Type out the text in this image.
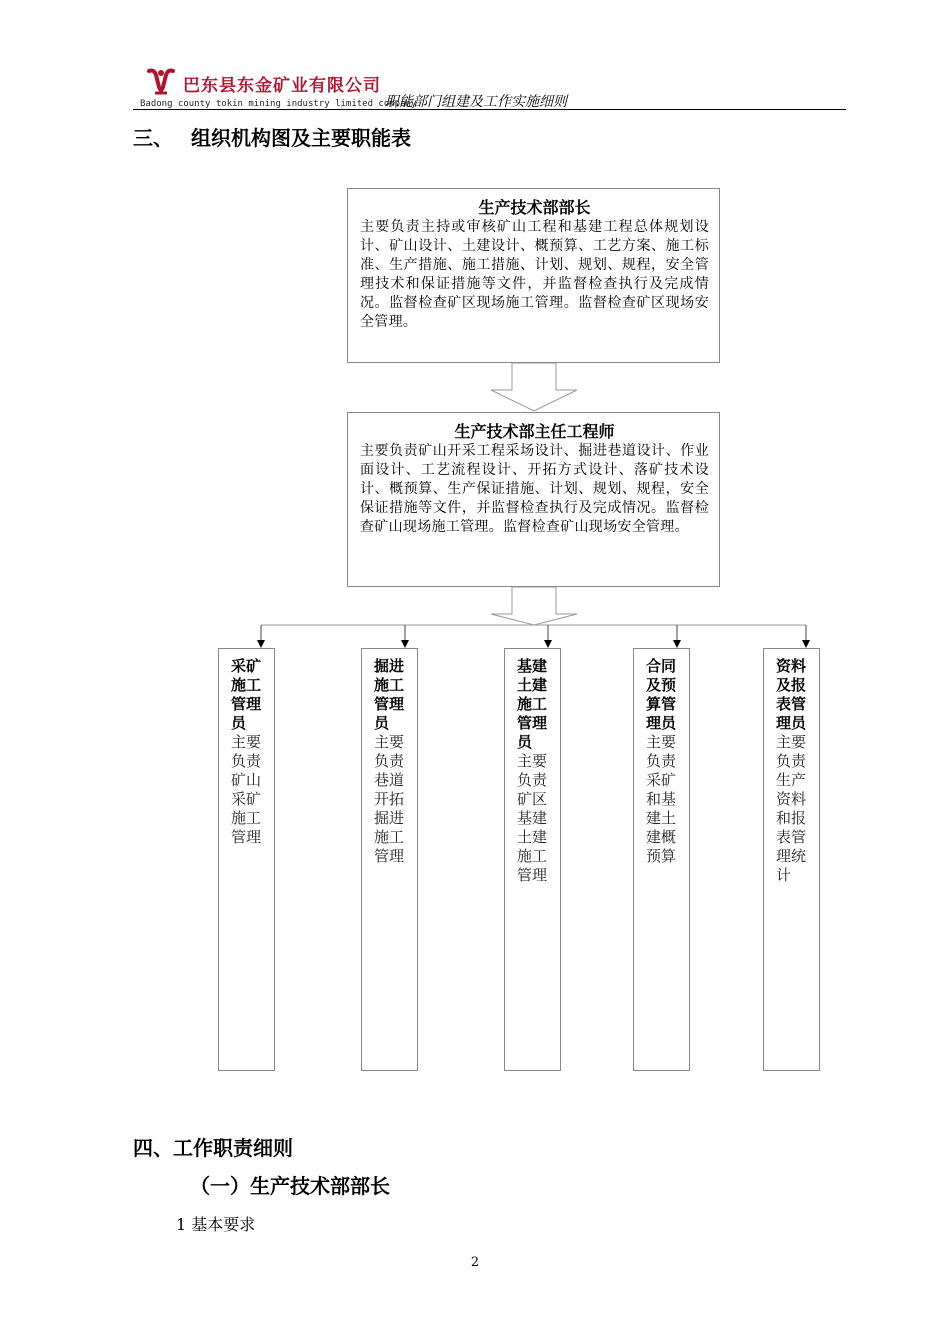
巴东县东金矿业有限公司
Badong county tokin mining industry limited company
职能部门组建及工作实施细则
三、 组织机构图及主要职能表
生产技术部部长
主要负责主持或审核矿山工程和基建工程总体规划设计、矿山设计、土建设计、概预算、工艺方案、施工标准、生产措施、施工措施、计划、规划、规程，安全管理技术和保证措施等文件，并监督检查执行及完成情况。监督检查矿区现场施工管理。监督检查矿区现场安全管理。
生产技术部主任工程师
主要负责矿山开采工程采场设计、掘进巷道设计、作业面设计、工艺流程设计、开拓方式设计、落矿技术设计、概预算、生产保证措施、计划、规划、规程，安全保证措施等文件，并监督检查执行及完成情况。监督检查矿山现场施工管理。监督检查矿山现场安全管理。
采矿施工管理员
主要负责矿山采矿施工管理
掘进施工管理员
主要负责巷道开拓掘进施工管理
基建土建施工管理员
主要负责矿区基建土建施工管理
合同及预算管理员
主要负责采矿和基建土建概预算
资料及报表管理员
主要负责生产资料和报表管理统计
四、工作职责细则
（一）生产技术部部长
1 基本要求
2
